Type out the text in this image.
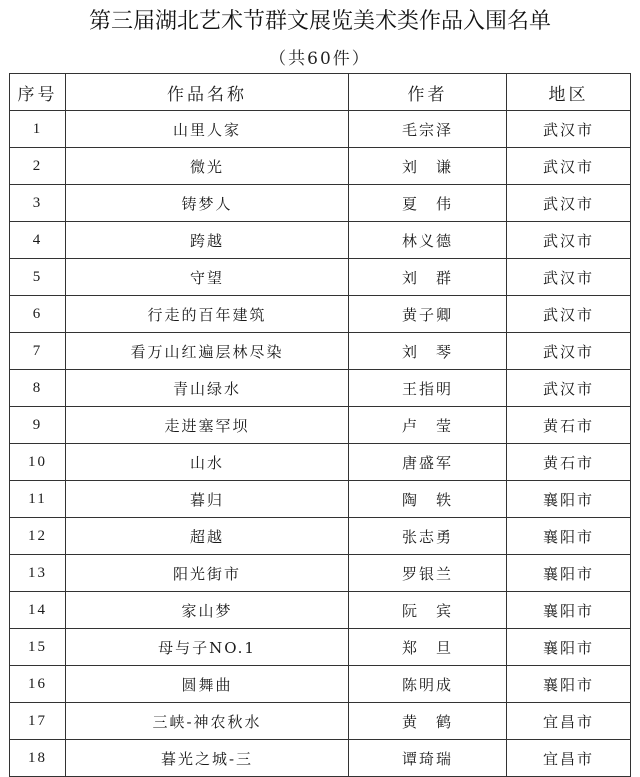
第三届湖北艺术节群文展览美术类作品入围名单
（共60件）
序号	作品名称	作者	地区
1	山里人家	毛宗泽	武汉市
2	微光	刘　谦	武汉市
3	铸梦人	夏　伟	武汉市
4	跨越	林义德	武汉市
5	守望	刘　群	武汉市
6	行走的百年建筑	黄子卿	武汉市
7	看万山红遍层林尽染	刘　琴	武汉市
8	青山绿水	王指明	武汉市
9	走进塞罕坝	卢　莹	黄石市
10	山水	唐盛军	黄石市
11	暮归	陶　轶	襄阳市
12	超越	张志勇	襄阳市
13	阳光街市	罗银兰	襄阳市
14	家山梦	阮　宾	襄阳市
15	母与子NO.1	郑　旦	襄阳市
16	圆舞曲	陈明成	襄阳市
17	三峡-神农秋水	黄　鹤	宜昌市
18	暮光之城-三	谭琦瑞	宜昌市
